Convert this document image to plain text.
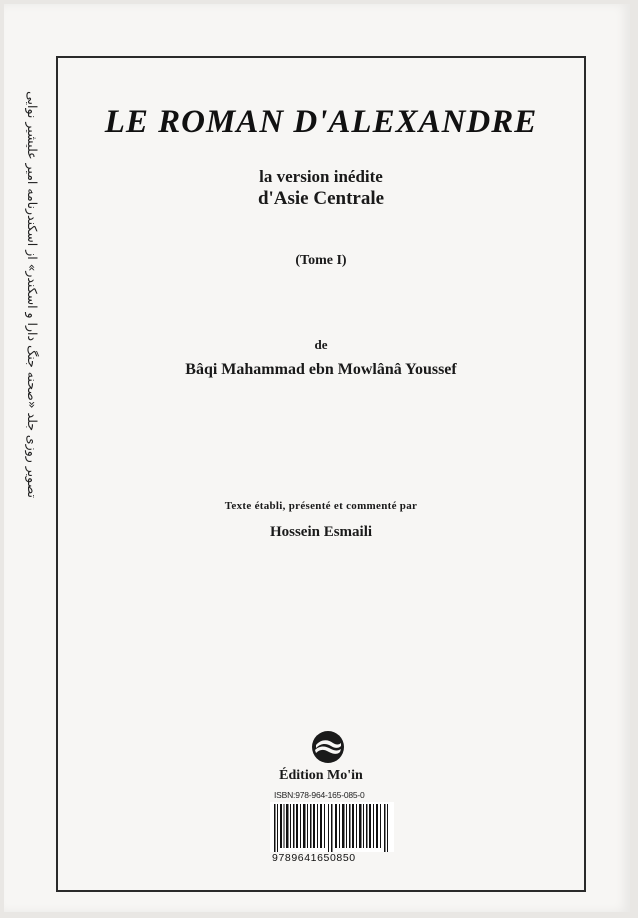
تصویر روزی جلد «صحنه جنگ دارا و اسکندر» از اسکندرنامه امیر علیشیر نوایی	LE ROMAN D'ALEXANDRE
la version inédite
d'Asie Centrale
(Tome I)
de
Bâqi Mahammad ebn Mowlânâ Youssef
Texte établi, présenté et commenté par
Hossein Esmaili
Édition Mo'in
ISBN:978-964-165-085-0
9789641650850
